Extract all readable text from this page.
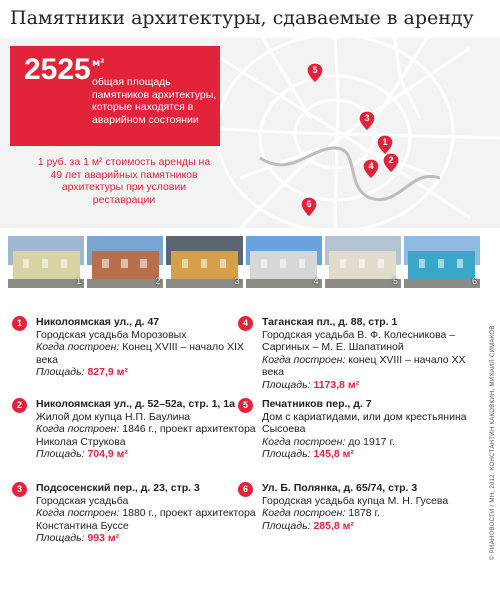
Памятники архитектуры, сдаваемые в аренду
5
3
1
2
4
6
2525 м²
общая площадь памятников архитектуры, которые находятся в аварийном состоянии
1 руб. за 1 м² стоимость аренды на 49 лет аварийных памятников архитектуры при условии реставрации
1	2	3	4	5	6
1	Николоямская ул., д. 47
Городская усадьба Морозовых
Когда построен: Конец XVIII – начало XIX века
Площадь: 827,9 м²
2	Николоямская ул., д. 52–52а, стр. 1, 1а
Жилой дом купца Н.П. Баулина
Когда построен: 1846 г., проект архитектора Николая Струкова
Площадь: 704,9 м²
3	Подсосенский пер., д. 23, стр. 3
Городская усадьба
Когда построен: 1880 г., проект архитектора Константина Буссе
Площадь: 993 м²
4	Таганская пл., д. 88, стр. 1
Городская усадьба В. Ф. Колесникова – Саргиных – М. Е. Шапатиной
Когда построен: конец XVIII – начало XX века
Площадь: 1173,8 м²
5	Печатников пер., д. 7
Дом с кариатидами, или дом крестьянина Сысоева
Когда построен: до 1917 г.
Площадь: 145,8 м²
6	Ул. Б. Полянка, д. 65/74, стр. 3
Городская усадьба купца М. Н. Гусева
Когда построен: 1878 г.
Площадь: 285,8 м²	© РИАНОВОСТИ / МН, 2012. КОНСТАНТИН КАКОВКИН, МИХАИЛ СИМАКОВ
